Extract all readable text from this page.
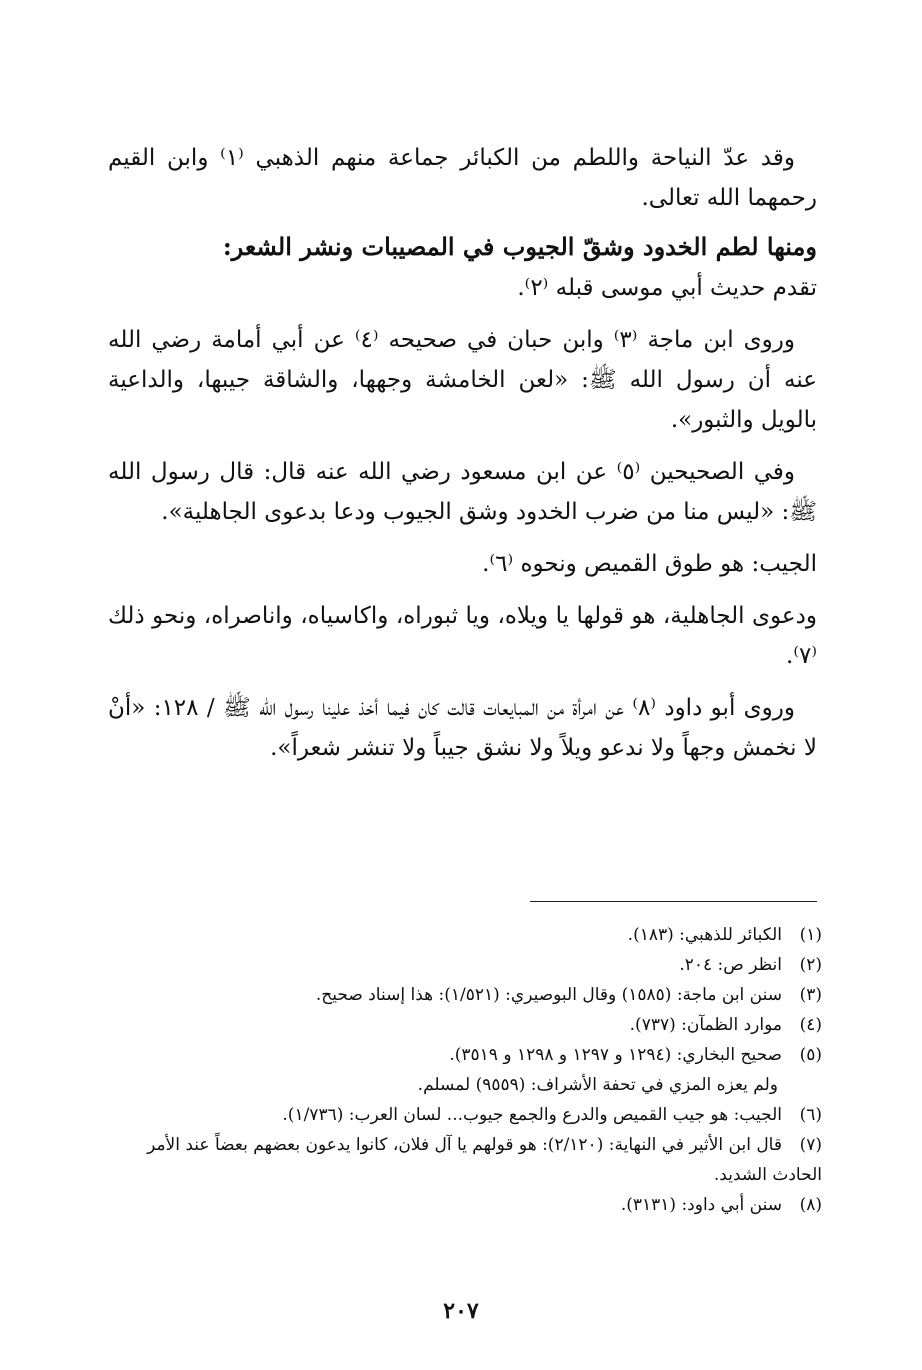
وقد عدّ النياحة واللطم من الكبائر جماعة منهم الذهبي ⁽١⁾ وابن القيم رحمهما الله تعالى.

ومنها لطم الخدود وشقّ الجيوب في المصيبات ونشر الشعر:

تقدم حديث أبي موسى قبله ⁽٢⁾.

وروى ابن ماجة ⁽٣⁾ وابن حبان في صحيحه ⁽٤⁾ عن أبي أمامة رضي الله عنه أن رسول الله ﷺ: «لعن الخامشة وجهها، والشاقة جيبها، والداعية بالويل والثبور».

وفي الصحيحين ⁽٥⁾ عن ابن مسعود رضي الله عنه قال: قال رسول الله ﷺ: «ليس منا من ضرب الخدود وشق الجيوب ودعا بدعوى الجاهلية».

الجيب: هو طوق القميص ونحوه ⁽٦⁾.

ودعوى الجاهلية، هو قولها يا ويلاه، ويا ثبوراه، واكاسياه، واناصراه، ونحو ذلك ⁽٧⁾.

وروى أبو داود ⁽٨⁾ عن امرأة من المبايعات قالت كان فيما أخذ علينا رسول الله ﷺ / ١٢٨: «أنْ لا نخمش وجهاً ولا ندعو ويلاً ولا نشق جيباً ولا تنشر شعراً».

(١)الكبائر للذهبي: (١٨٣).
(٢)انظر ص: ٢٠٤.
(٣)سنن ابن ماجة: (١٥٨٥) وقال البوصيري: (١/٥٢١): هذا إسناد صحيح.
(٤)موارد الظمآن: (٧٣٧).
(٥)صحيح البخاري: (١٢٩٤ و ١٢٩٧ و ١٢٩٨ و ٣٥١٩).
ولم يعزه المزي في تحفة الأشراف: (٩٥٥٩) لمسلم.
(٦)الجيب: هو جيب القميص والدرع والجمع جيوب... لسان العرب: (١/٧٣٦).
(٧)قال ابن الأثير في النهاية: (٢/١٢٠): هو قولهم يا آل فلان، كانوا يدعون بعضهم بعضاً عند الأمر الحادث الشديد.
(٨)سنن أبي داود: (٣١٣١).
٢٠٧
